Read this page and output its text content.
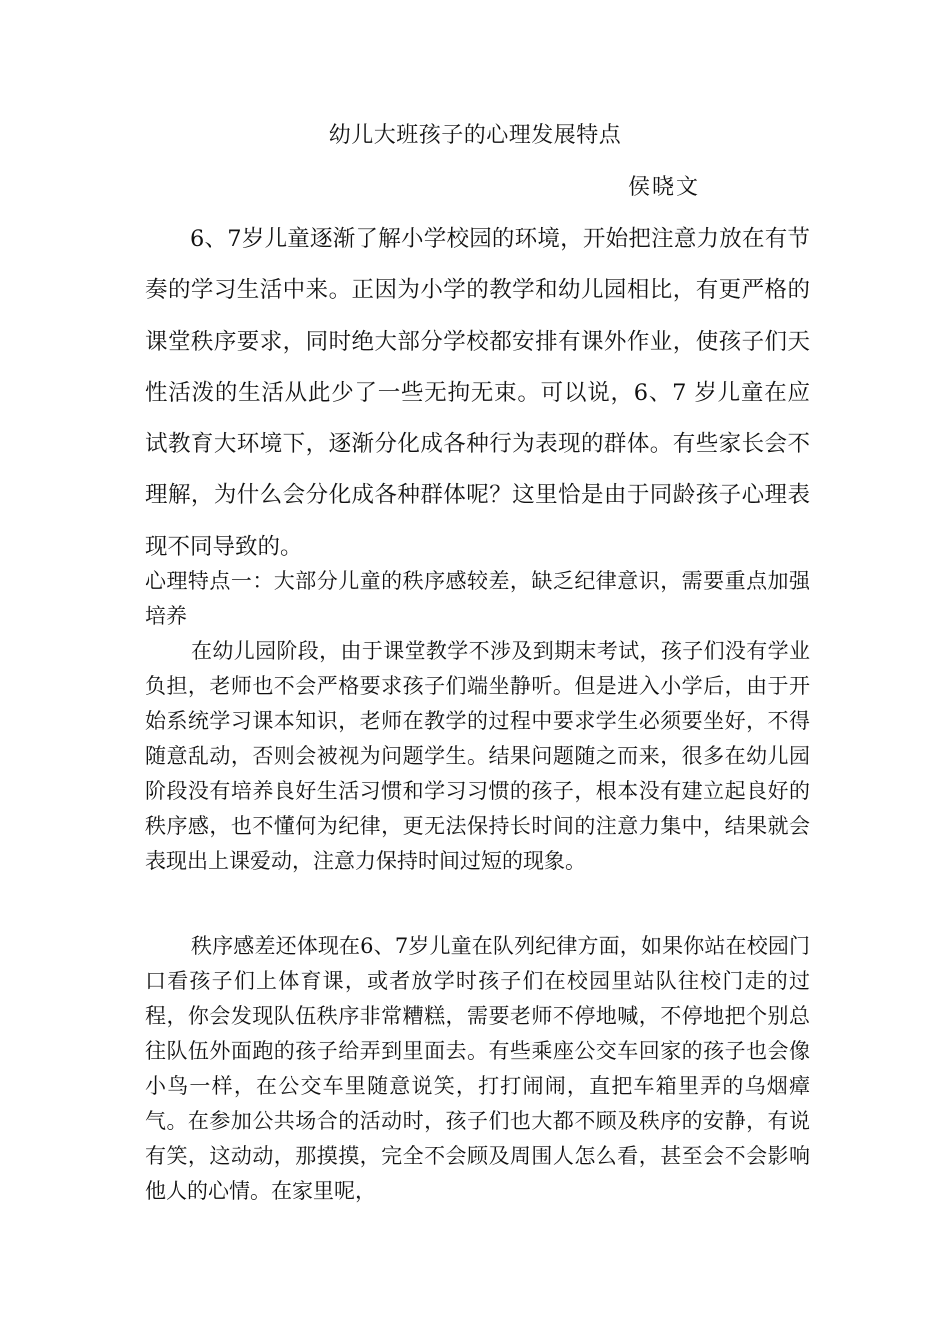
幼儿大班孩子的心理发展特点
侯晓文
6、7岁儿童逐渐了解小学校园的环境，开始把注意力放在有节奏的学习生活中来。正因为小学的教学和幼儿园相比，有更严格的课堂秩序要求，同时绝大部分学校都安排有课外作业，使孩子们天性活泼的生活从此少了一些无拘无束。可以说，6、7 岁儿童在应试教育大环境下，逐渐分化成各种行为表现的群体。有些家长会不理解，为什么会分化成各种群体呢？这里恰是由于同龄孩子心理表现不同导致的。
心理特点一：大部分儿童的秩序感较差，缺乏纪律意识，需要重点加强培养
在幼儿园阶段，由于课堂教学不涉及到期末考试，孩子们没有学业负担，老师也不会严格要求孩子们端坐静听。但是进入小学后，由于开始系统学习课本知识，老师在教学的过程中要求学生必须要坐好，不得随意乱动，否则会被视为问题学生。结果问题随之而来，很多在幼儿园阶段没有培养良好生活习惯和学习习惯的孩子，根本没有建立起良好的秩序感，也不懂何为纪律，更无法保持长时间的注意力集中，结果就会表现出上课爱动，注意力保持时间过短的现象。
秩序感差还体现在6、7岁儿童在队列纪律方面，如果你站在校园门口看孩子们上体育课，或者放学时孩子们在校园里站队往校门走的过程，你会发现队伍秩序非常糟糕，需要老师不停地喊，不停地把个别总往队伍外面跑的孩子给弄到里面去。有些乘座公交车回家的孩子也会像小鸟一样，在公交车里随意说笑，打打闹闹，直把车箱里弄的乌烟瘴气。在参加公共场合的活动时，孩子们也大都不顾及秩序的安静，有说有笑，这动动，那摸摸，完全不会顾及周围人怎么看，甚至会不会影响他人的心情。在家里呢，
